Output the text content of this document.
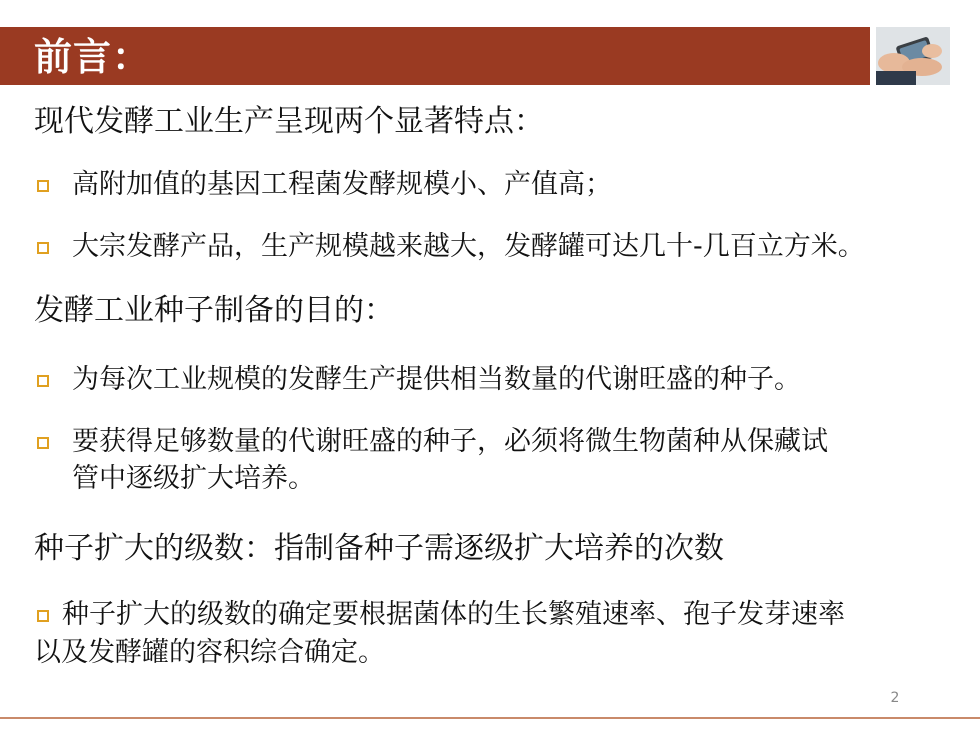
前言：
现代发酵工业生产呈现两个显著特点：
高附加值的基因工程菌发酵规模小、产值高；
大宗发酵产品，生产规模越来越大，发酵罐可达几十-几百立方米。
发酵工业种子制备的目的：
为每次工业规模的发酵生产提供相当数量的代谢旺盛的种子。
要获得足够数量的代谢旺盛的种子，必须将微生物菌种从保藏试
管中逐级扩大培养。
种子扩大的级数：指制备种子需逐级扩大培养的次数
种子扩大的级数的确定要根据菌体的生长繁殖速率、孢子发芽速率
以及发酵罐的容积综合确定。
2
